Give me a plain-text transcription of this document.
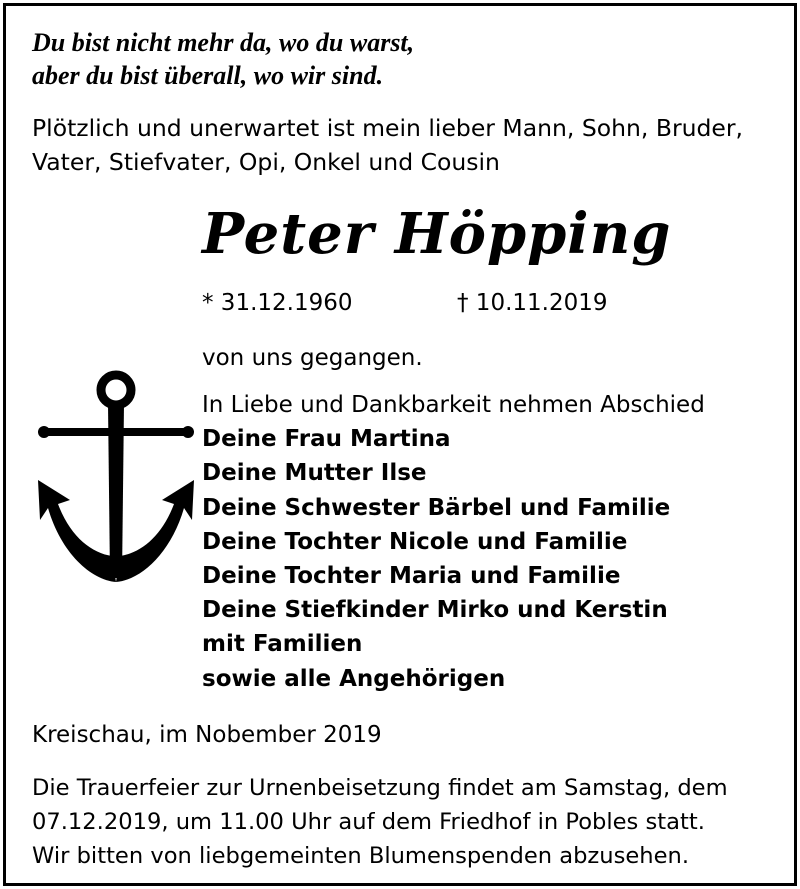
Du bist nicht mehr da, wo du warst,
aber du bist überall, wo wir sind.
Plötzlich und unerwartet ist mein lieber Mann, Sohn, Bruder,
Vater, Stiefvater, Opi, Onkel und Cousin
Peter Höpping
* 31.12.1960	† 10.11.2019
von uns gegangen.
In Liebe und Dankbarkeit nehmen Abschied
Deine Frau Martina
Deine Mutter Ilse
Deine Schwester Bärbel und Familie
Deine Tochter Nicole und Familie
Deine Tochter Maria und Familie
Deine Stiefkinder Mirko und Kerstin
mit Familien
sowie alle Angehörigen
Kreischau, im Nobember 2019
Die Trauerfeier zur Urnenbeisetzung findet am Samstag, dem
07.12.2019, um 11.00 Uhr auf dem Friedhof in Pobles statt.
Wir bitten von liebgemeinten Blumenspenden abzusehen.
